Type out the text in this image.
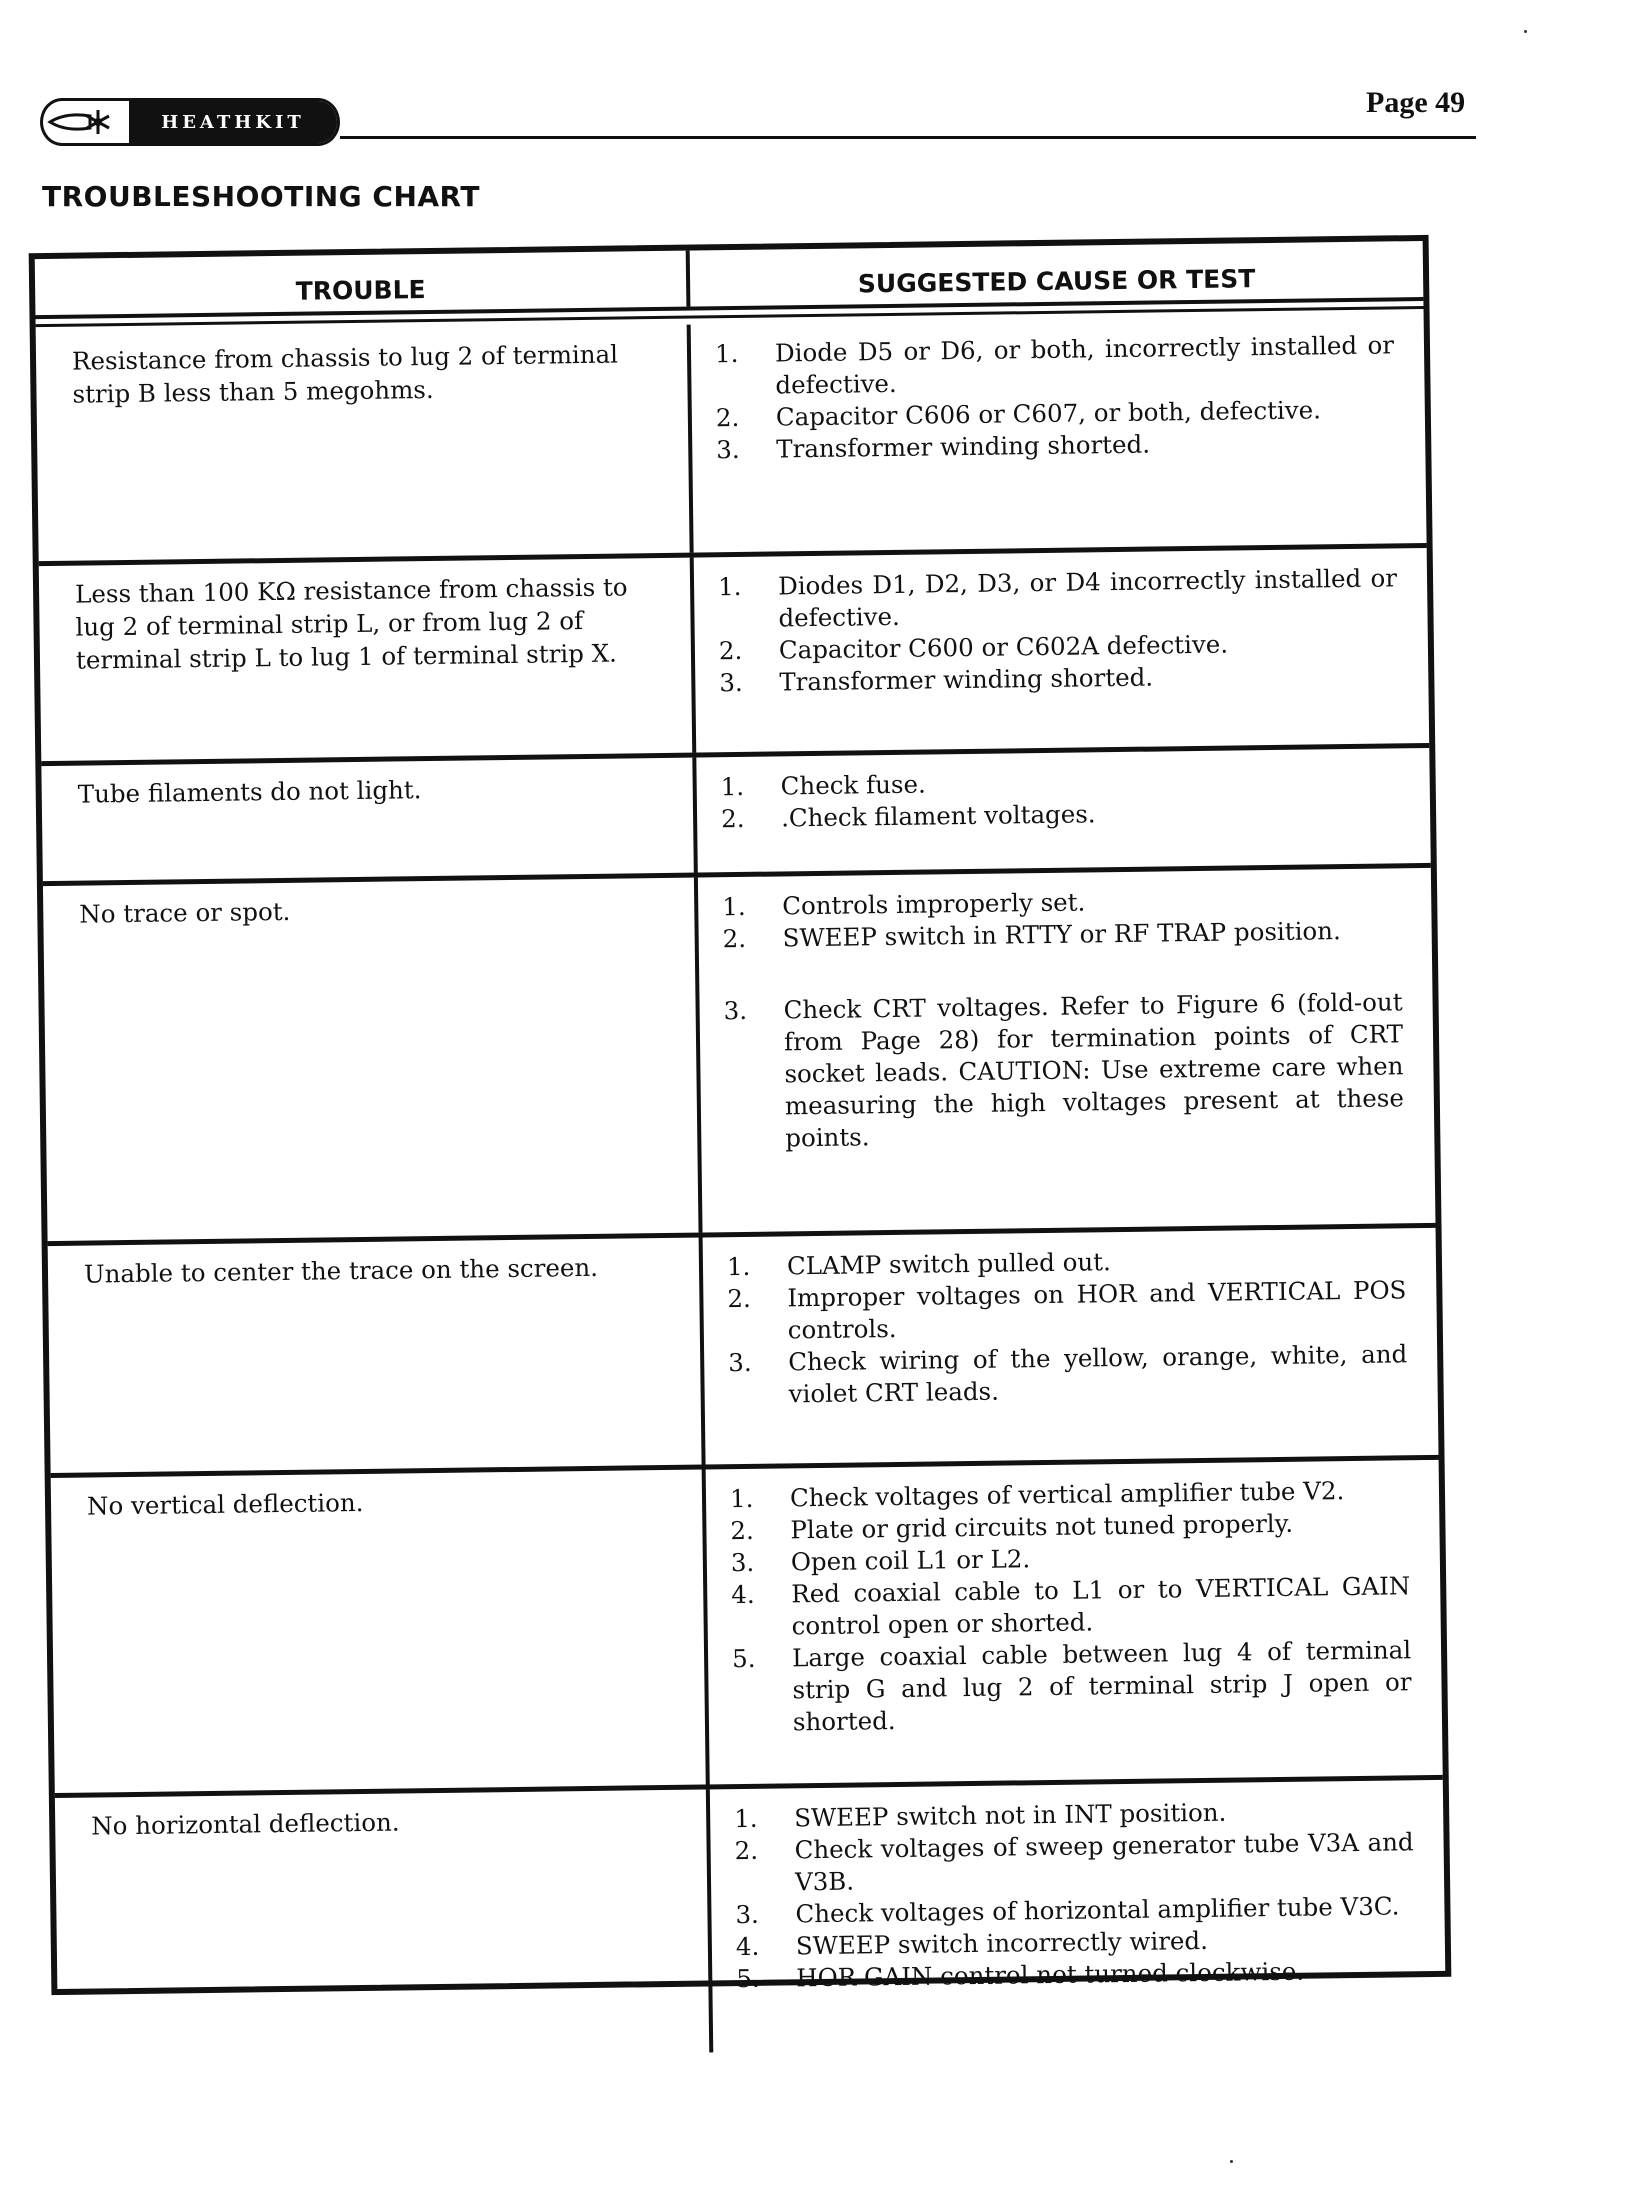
HEATHKIT
Page 49
TROUBLESHOOTING CHART
TROUBLE	SUGGESTED CAUSE OR TEST
Resistance from chassis to lug 2 of terminal strip B less than 5 megohms.
1.	Diode D5 or D6, or both, incorrectly installed or defective.
2.	Capacitor C606 or C607, or both, defective.
3.	Transformer winding shorted.
Less than 100 KΩ resistance from chassis to lug 2 of terminal strip L, or from lug 2 of terminal strip L to lug 1 of terminal strip X.
1.	Diodes D1, D2, D3, or D4 incorrectly installed or defective.
2.	Capacitor C600 or C602A defective.
3.	Transformer winding shorted.
Tube filaments do not light.	1.	Check fuse.
2.	.Check filament voltages.
No trace or spot.	1.	Controls improperly set.
2.	SWEEP switch in RTTY or RF TRAP position.
3.	Check CRT voltages. Refer to Figure 6 (fold-out from Page 28) for termination points of CRT socket leads. CAUTION: Use extreme care when measuring the high voltages present at these points.
Unable to center the trace on the screen.	1.	CLAMP switch pulled out.
2.	Improper voltages on HOR and VERTICAL POS controls.
3.	Check wiring of the yellow, orange, white, and violet CRT leads.
No vertical deflection.	1.	Check voltages of vertical amplifier tube V2.
2.	Plate or grid circuits not tuned properly.
3.	Open coil L1 or L2.
4.	Red coaxial cable to L1 or to VERTICAL GAIN control open or shorted.
5.	Large coaxial cable between lug 4 of terminal strip G and lug 2 of terminal strip J open or shorted.
No horizontal deflection.	1.	SWEEP switch not in INT position.
2.	Check voltages of sweep generator tube V3A and V3B.
3.	Check voltages of horizontal amplifier tube V3C.
4.	SWEEP switch incorrectly wired.
5.	HOR GAIN control not turned clockwise.
